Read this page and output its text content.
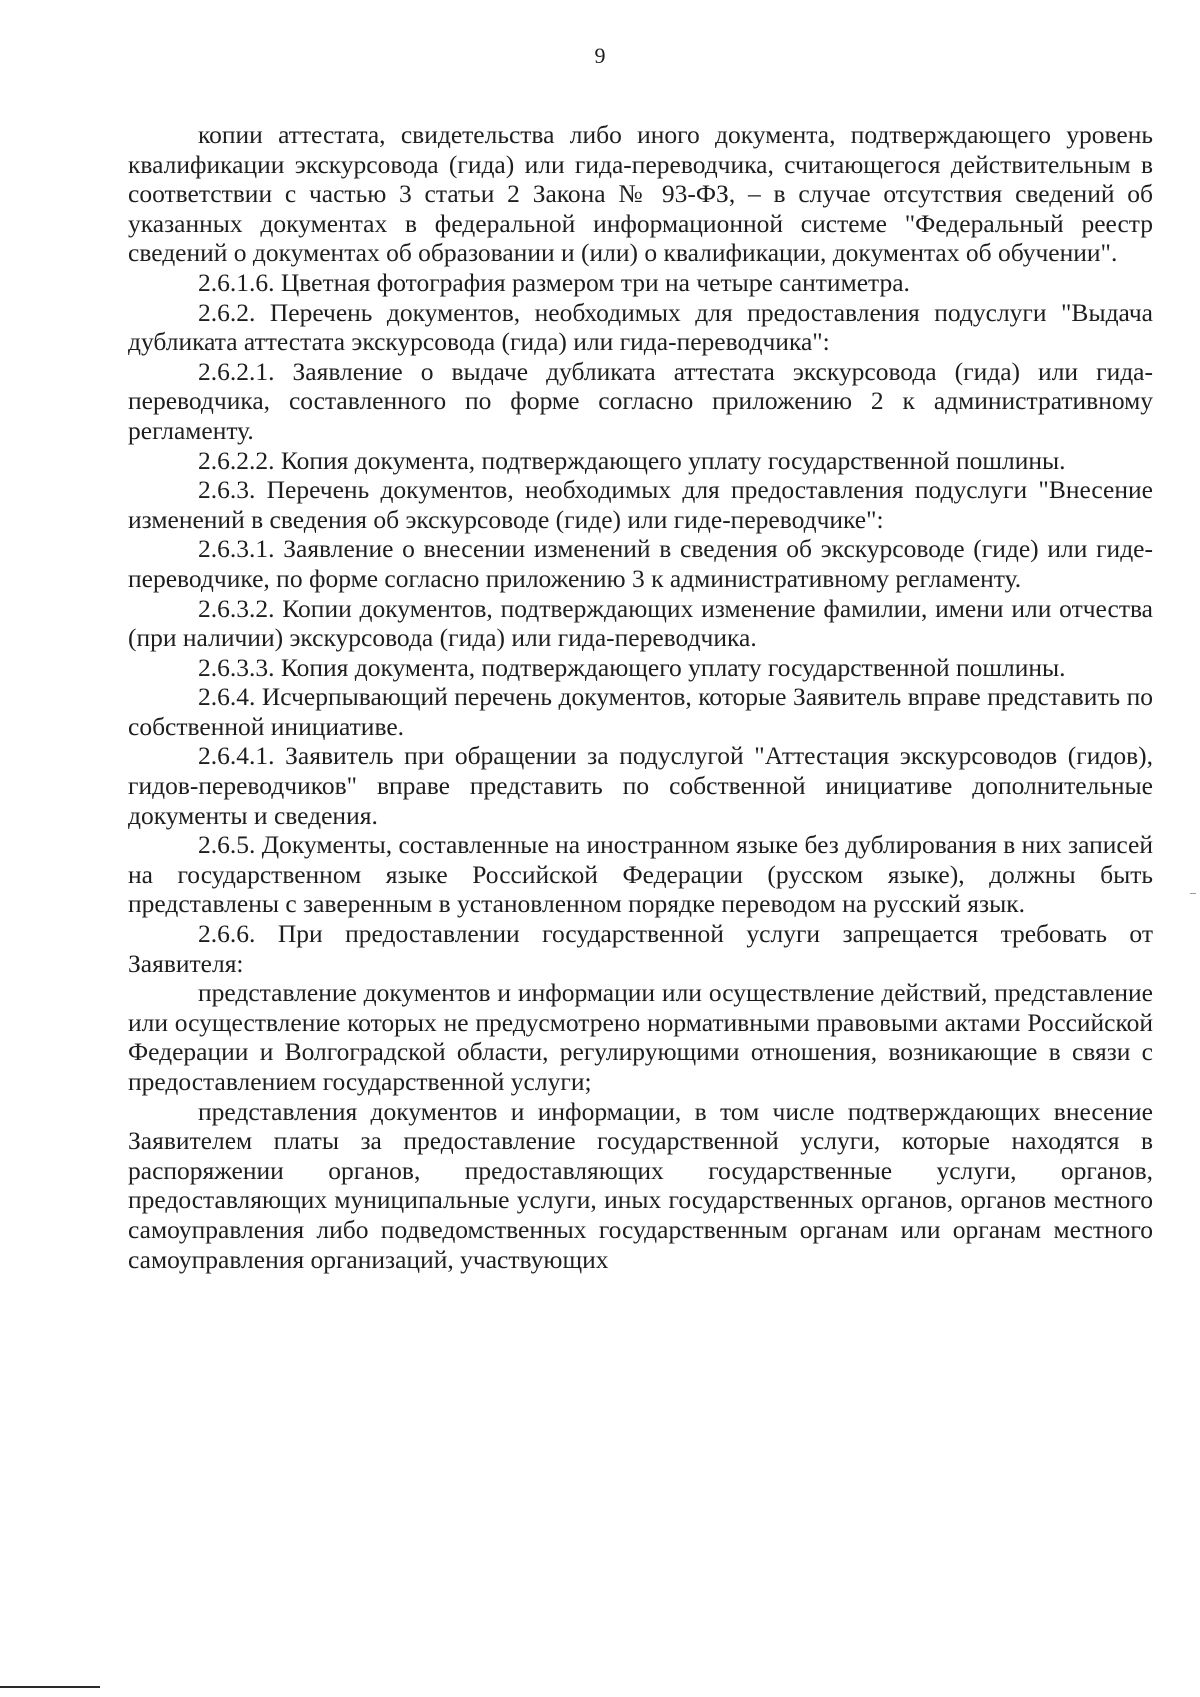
9

копии аттестата, свидетельства либо иного документа, подтверждающего уровень квалификации экскурсовода (гида) или гида-переводчика, считающегося действительным в соответствии с частью 3 статьи 2 Закона № 93-ФЗ, – в случае отсутствия сведений об указанных документах в федеральной информационной системе "Федеральный реестр сведений о документах об образовании и (или) о квалификации, документах об обучении".

2.6.1.6. Цветная фотография размером три на четыре сантиметра.

2.6.2. Перечень документов, необходимых для предоставления подуслуги "Выдача дубликата аттестата экскурсовода (гида) или гида-переводчика":

2.6.2.1. Заявление о выдаче дубликата аттестата экскурсовода (гида) или гида-переводчика, составленного по форме согласно приложению 2 к административному регламенту.

2.6.2.2. Копия документа, подтверждающего уплату государственной пошлины.

2.6.3. Перечень документов, необходимых для предоставления подуслуги "Внесение изменений в сведения об экскурсоводе (гиде) или гиде-переводчике":

2.6.3.1. Заявление о внесении изменений в сведения об экскурсоводе (гиде) или гиде-переводчике, по форме согласно приложению 3 к административному регламенту.

2.6.3.2. Копии документов, подтверждающих изменение фамилии, имени или отчества (при наличии) экскурсовода (гида) или гида-переводчика.

2.6.3.3. Копия документа, подтверждающего уплату государственной пошлины.

2.6.4. Исчерпывающий перечень документов, которые Заявитель вправе представить по собственной инициативе.

2.6.4.1. Заявитель при обращении за подуслугой "Аттестация экскурсоводов (гидов), гидов-переводчиков" вправе представить по собственной инициативе дополнительные документы и сведения.

2.6.5. Документы, составленные на иностранном языке без дублирования в них записей на государственном языке Российской Федерации (русском языке), должны быть представлены с заверенным в установленном порядке переводом на русский язык.

2.6.6. При предоставлении государственной услуги запрещается требовать от Заявителя:

представление документов и информации или осуществление действий, представление или осуществление которых не предусмотрено нормативными правовыми актами Российской Федерации и Волгоградской области, регулирующими отношения, возникающие в связи с предоставлением государственной услуги;

представления документов и информации, в том числе подтверждающих внесение Заявителем платы за предоставление государственной услуги, которые находятся в распоряжении органов, предоставляющих государственные услуги, органов, предоставляющих муниципальные услуги, иных государственных органов, органов местного самоуправления либо подведомственных государственным органам или органам местного самоуправления организаций, участвующих
